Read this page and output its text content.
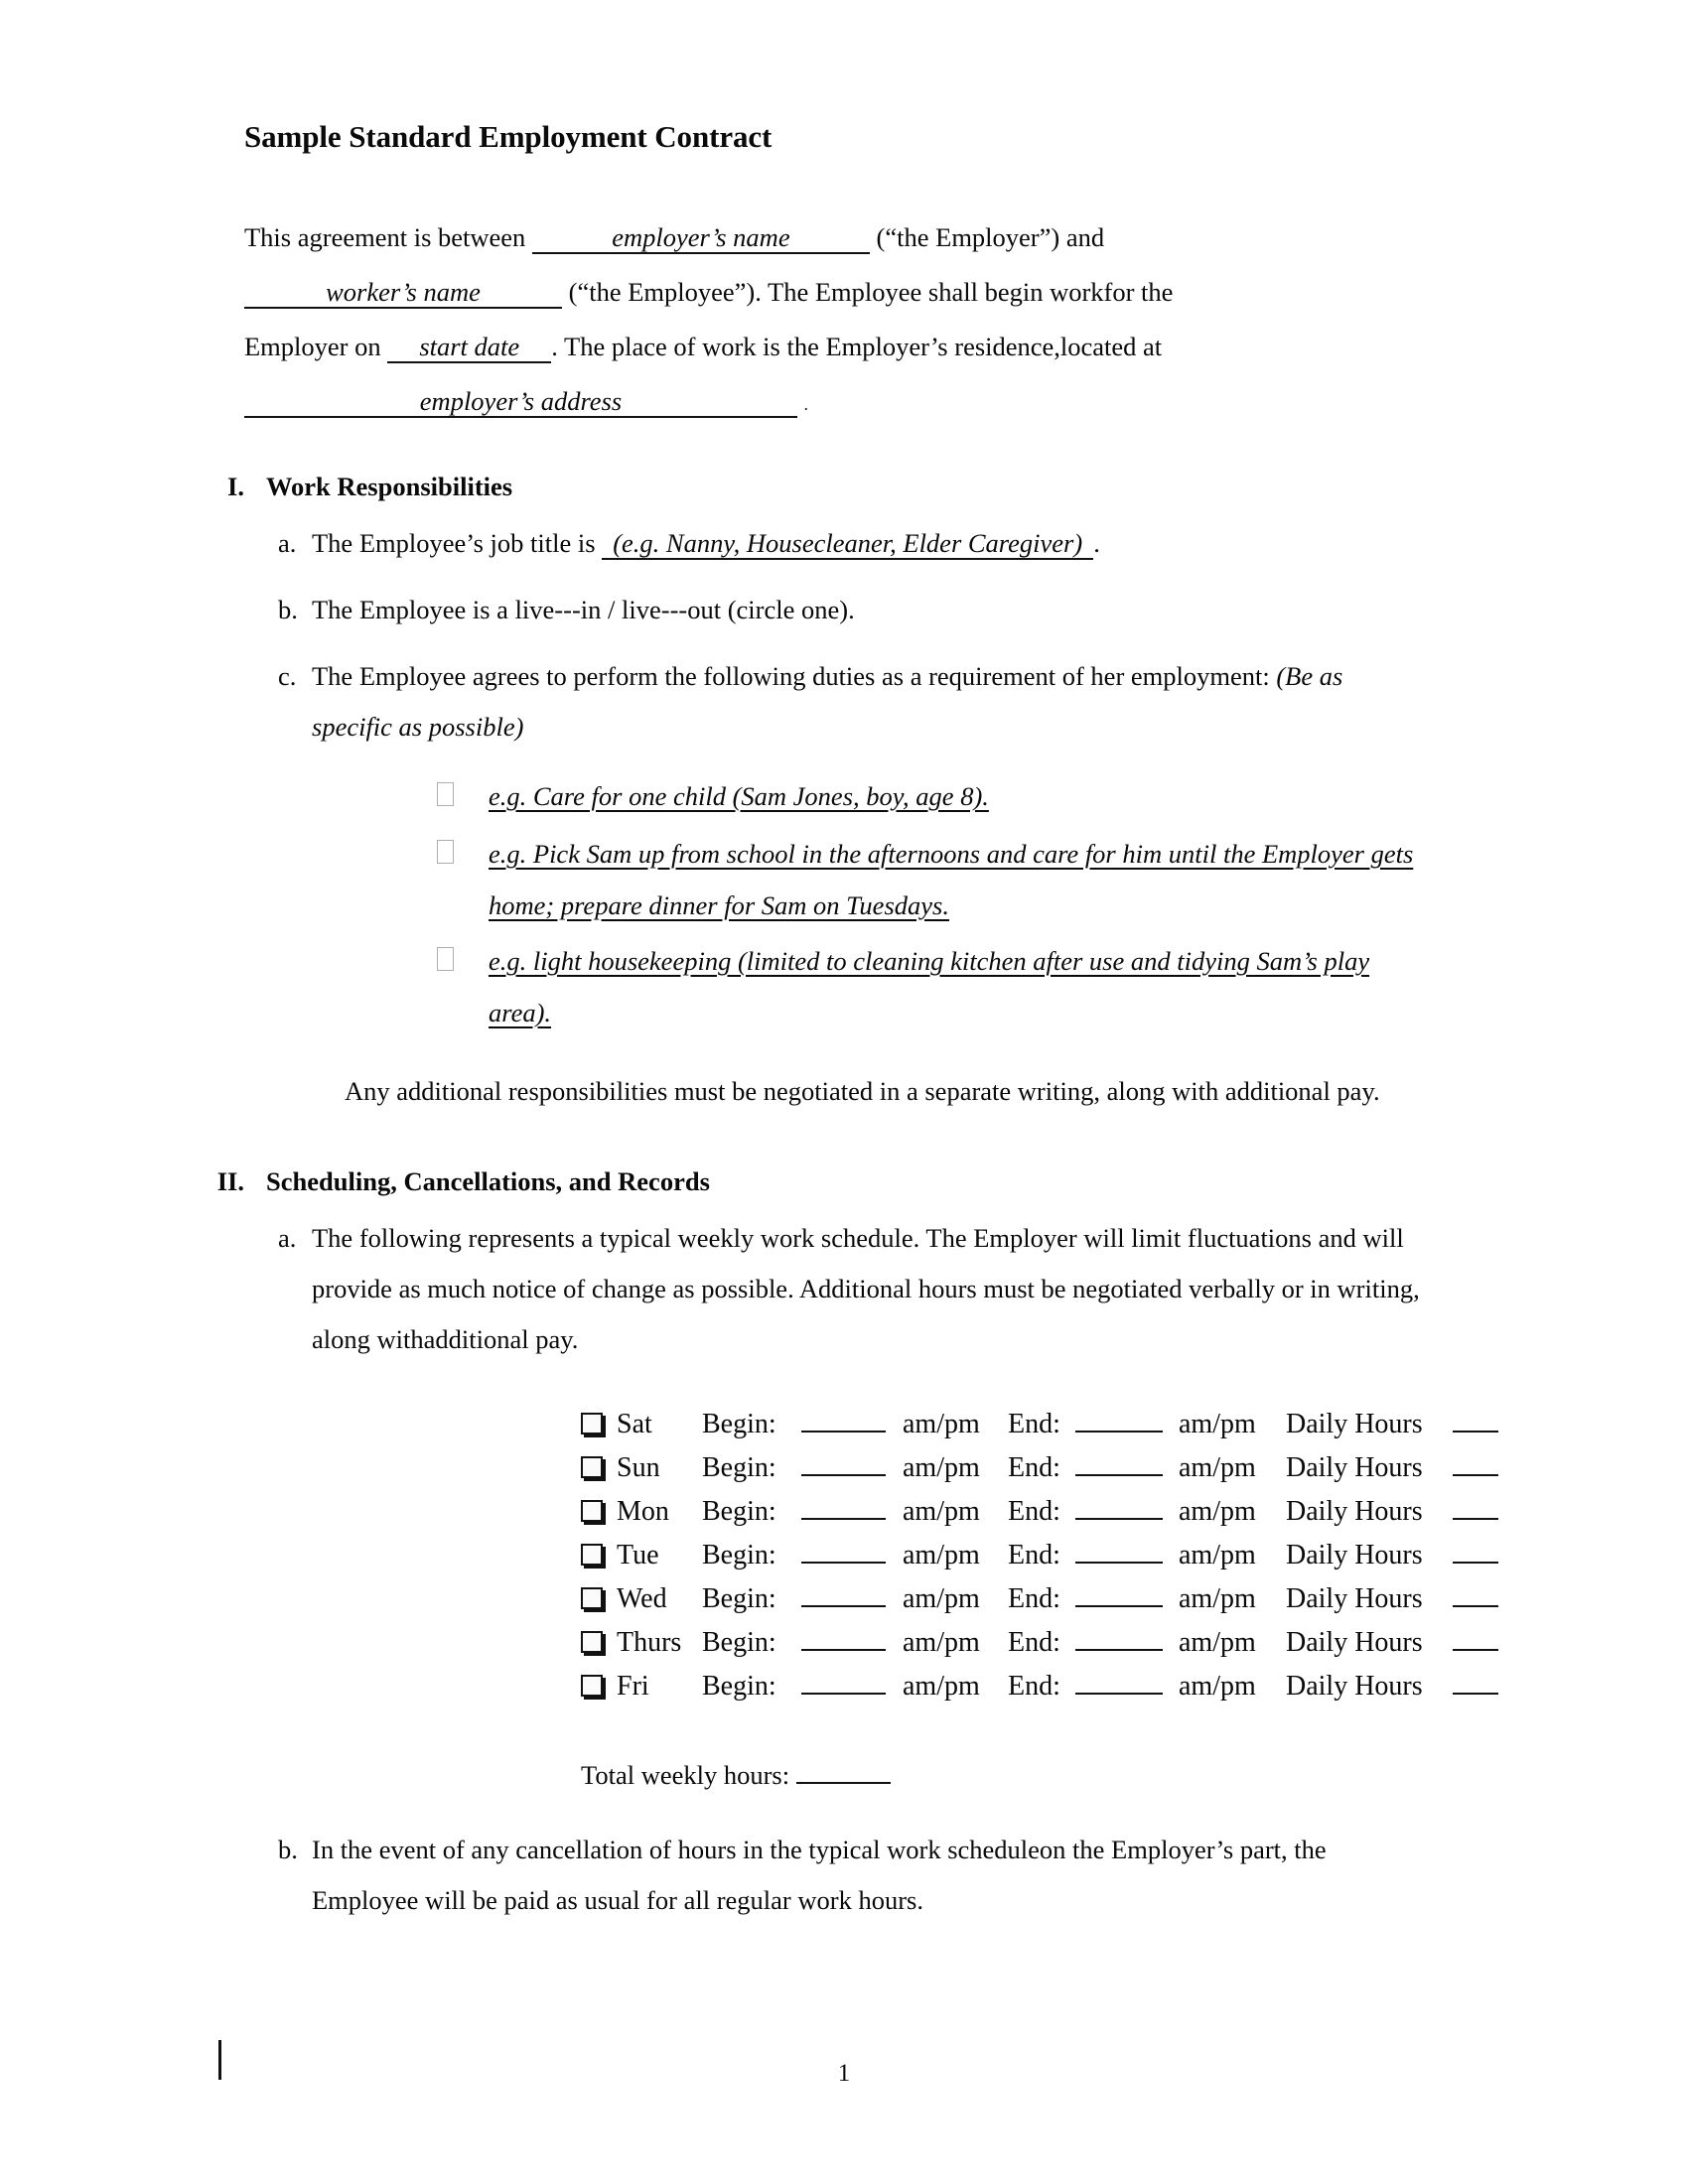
Sample Standard Employment Contract
This agreement is between	employer’s name	(“the Employer”) and
worker’s name	(“the Employee”). The Employee shall begin workfor the
Employer on start date . The place of work is the Employer’s residence,located at
employer’s address	.
I. Work Responsibilities
a. The Employee’s job title is (e.g. Nanny, Housecleaner, Elder Caregiver) .
b. The Employee is a live---in / live---out (circle one).
c. The Employee agrees to perform the following duties as a requirement of her employment: (Be as specific as possible)
e.g. Care for one child (Sam Jones, boy, age 8).
e.g. Pick Sam up from school in the afternoons and care for him until the Employer gets home; prepare dinner for Sam on Tuesdays.
e.g. light housekeeping (limited to cleaning kitchen after use and tidying Sam’s play area).
Any additional responsibilities must be negotiated in a separate writing, along with additional pay.
II. Scheduling, Cancellations, and Records
a. The following represents a typical weekly work schedule. The Employer will limit fluctuations and will provide as much notice of change as possible. Additional hours must be negotiated verbally or in writing, along withadditional pay.
Sat	Begin:	am/pm	End:	am/pm	Daily Hours
Sun	Begin:	am/pm	End:	am/pm	Daily Hours
Mon	Begin:	am/pm	End:	am/pm	Daily Hours
Tue	Begin:	am/pm	End:	am/pm	Daily Hours
Wed	Begin:	am/pm	End:	am/pm	Daily Hours
Thurs Begin:	am/pm	End:	am/pm	Daily Hours
Fri	Begin:	am/pm	End:	am/pm	Daily Hours
Total weekly hours:
b. In the event of any cancellation of hours in the typical work scheduleon the Employer’s part, the Employee will be paid as usual for all regular work hours.
1
